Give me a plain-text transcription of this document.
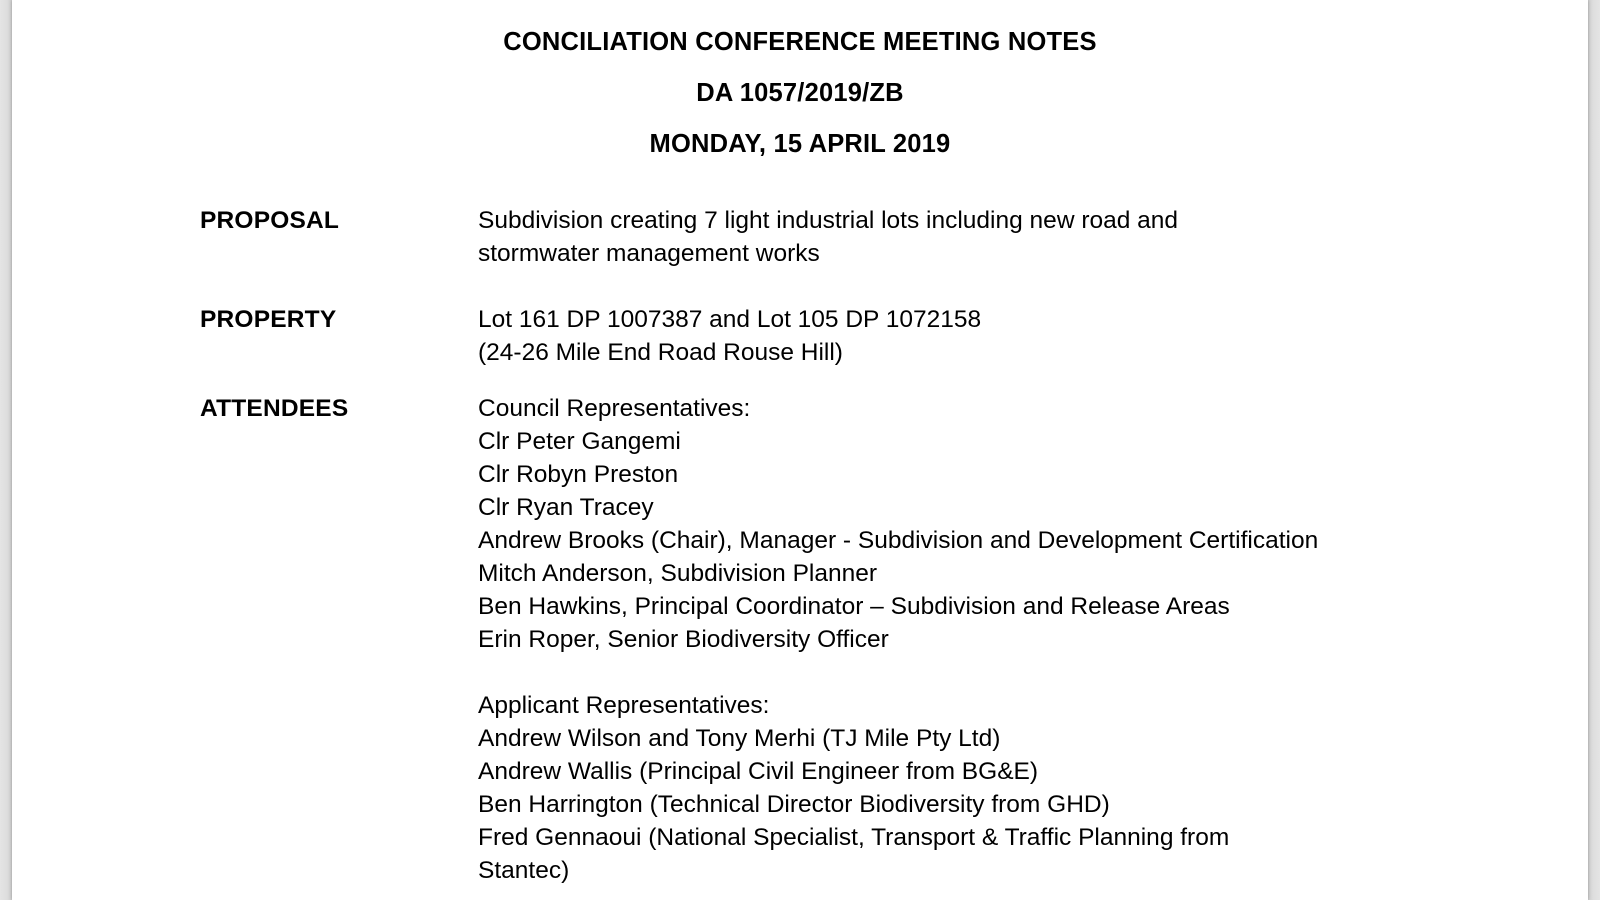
CONCILIATION CONFERENCE MEETING NOTES
DA 1057/2019/ZB
MONDAY, 15 APRIL 2019
PROPOSAL	Subdivision creating 7 light industrial lots including new road and
stormwater management works
PROPERTY	Lot 161 DP 1007387 and Lot 105 DP 1072158
(24-26 Mile End Road Rouse Hill)
ATTENDEES	Council Representatives:
Clr Peter Gangemi
Clr Robyn Preston
Clr Ryan Tracey
Andrew Brooks (Chair), Manager - Subdivision and Development Certification
Mitch Anderson, Subdivision Planner
Ben Hawkins, Principal Coordinator – Subdivision and Release Areas
Erin Roper, Senior Biodiversity Officer
Applicant Representatives:
Andrew Wilson and Tony Merhi (TJ Mile Pty Ltd)
Andrew Wallis (Principal Civil Engineer from BG&E)
Ben Harrington (Technical Director Biodiversity from GHD)
Fred Gennaoui (National Specialist, Transport & Traffic Planning from
Stantec)
